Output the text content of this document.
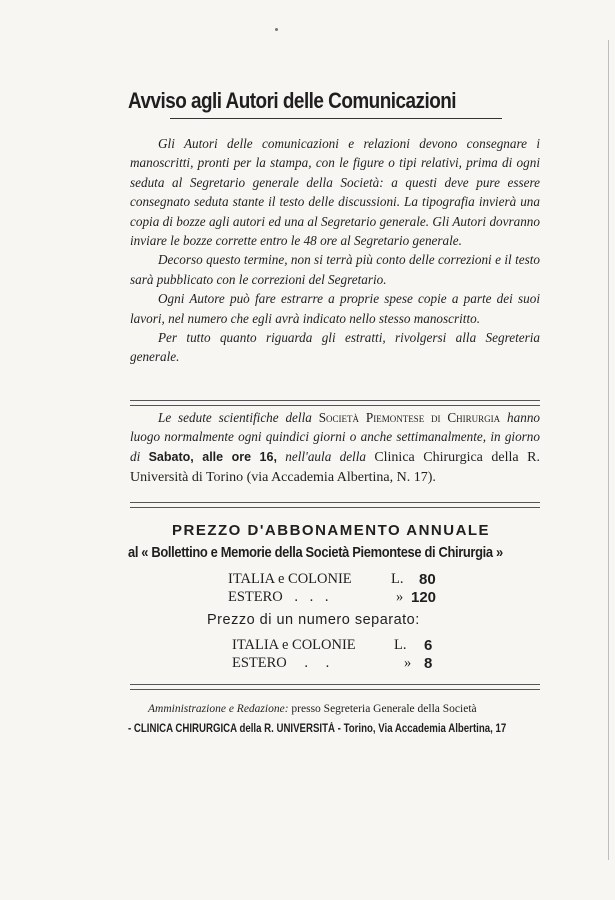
Avviso agli Autori delle Comunicazioni

Gli Autori delle comunicazioni e relazioni devono consegnare i manoscritti, pronti per la stampa, con le figure o tipi relativi, prima di ogni seduta al Segretario generale della Società: a questi deve pure essere consegnato seduta stante il testo delle discussioni. La tipografia invierà una copia di bozze agli autori ed una al Segretario generale. Gli Autori dovranno inviare le bozze corrette entro le 48 ore al Segretario generale.

Decorso questo termine, non si terrà più conto delle correzioni e il testo sarà pubblicato con le correzioni del Segretario.

Ogni Autore può fare estrarre a proprie spese copie a parte dei suoi lavori, nel numero che egli avrà indicato nello stesso manoscritto.

Per tutto quanto riguarda gli estratti, rivolgersi alla Segreteria generale.

Le sedute scientifiche della Società Piemontese di Chirurgia hanno luogo normalmente ogni quindici giorni o anche settimanalmente, in giorno di Sabato, alle ore 16, nell'aula della Clinica Chirurgica della R. Università di Torino (via Accademia Albertina, N. 17).
PREZZO D'ABBONAMENTO ANNUALE
al « Bollettino e Memorie della Società Piemontese di Chirurgia »
ITALIA e COLONIE	L. 80
ESTERO . . .	» 120
Prezzo di un numero separato:
ITALIA e COLONIE	L. 6
ESTERO . .	» 8
Amministrazione e Redazione: presso Segreteria Generale della Società
- CLINICA CHIRURGICA della R. UNIVERSITÀ - Torino, Via Accademia Albertina, 17
